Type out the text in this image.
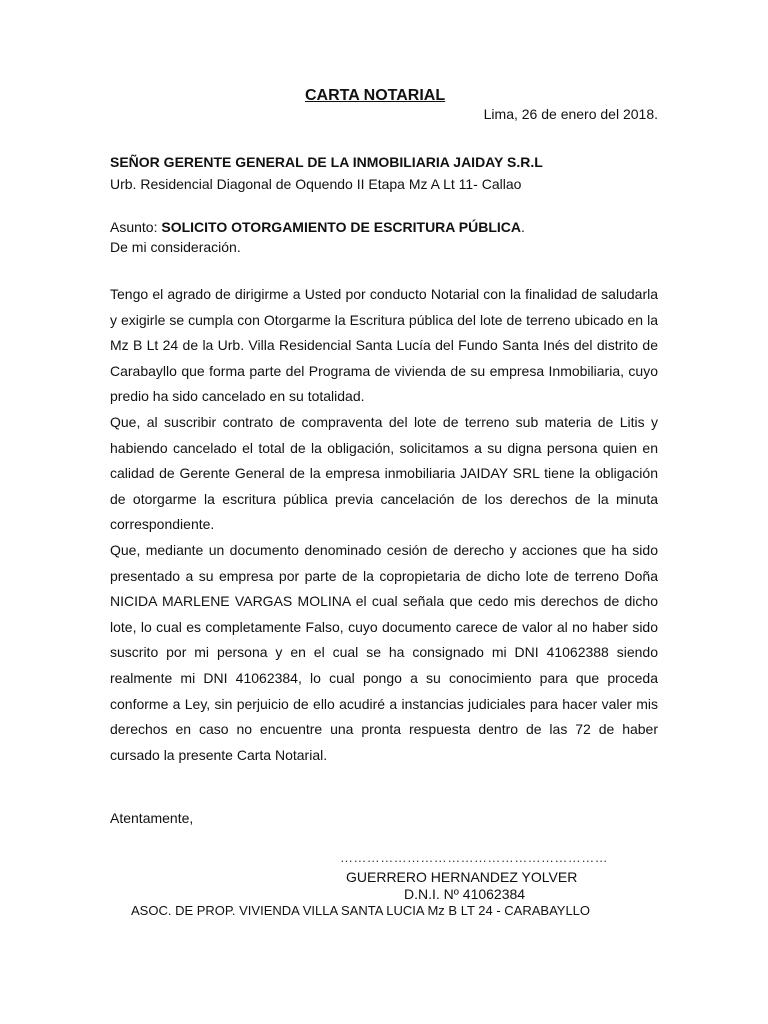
CARTA NOTARIAL
Lima, 26 de enero del 2018.
SEÑOR GERENTE GENERAL DE LA INMOBILIARIA JAIDAY S.R.L
Urb. Residencial Diagonal de Oquendo II Etapa Mz A Lt 11- Callao
Asunto: SOLICITO OTORGAMIENTO DE ESCRITURA PÚBLICA.
De mi consideración.

Tengo el agrado de dirigirme a Usted por conducto Notarial con la finalidad de saludarla y exigirle se cumpla con Otorgarme la Escritura pública del lote de terreno ubicado en la Mz B Lt 24 de la Urb. Villa Residencial Santa Lucía del Fundo Santa Inés del distrito de Carabayllo que forma parte del Programa de vivienda de su empresa Inmobiliaria, cuyo predio ha sido cancelado en su totalidad.

Que, al suscribir contrato de compraventa del lote de terreno sub materia de Litis y habiendo cancelado el total de la obligación, solicitamos a su digna persona quien en calidad de Gerente General de la empresa inmobiliaria JAIDAY SRL tiene la obligación de otorgarme la escritura pública previa cancelación de los derechos de la minuta correspondiente.

Que, mediante un documento denominado cesión de derecho y acciones que ha sido presentado a su empresa por parte de la copropietaria de dicho lote de terreno Doña NICIDA MARLENE VARGAS MOLINA el cual señala que cedo mis derechos de dicho lote, lo cual es completamente Falso, cuyo documento carece de valor al no haber sido suscrito por mi persona y en el cual se ha consignado mi DNI 41062388 siendo realmente mi DNI 41062384, lo cual pongo a su conocimiento para que proceda conforme a Ley, sin perjuicio de ello acudiré a instancias judiciales para hacer valer mis derechos en caso no encuentre una pronta respuesta dentro de las 72 de haber cursado la presente Carta Notarial.

Atentamente,
……………………………………………………
GUERRERO HERNANDEZ YOLVER
D.N.I. Nº 41062384
ASOC. DE PROP. VIVIENDA VILLA SANTA LUCIA Mz B LT 24 - CARABAYLLO
